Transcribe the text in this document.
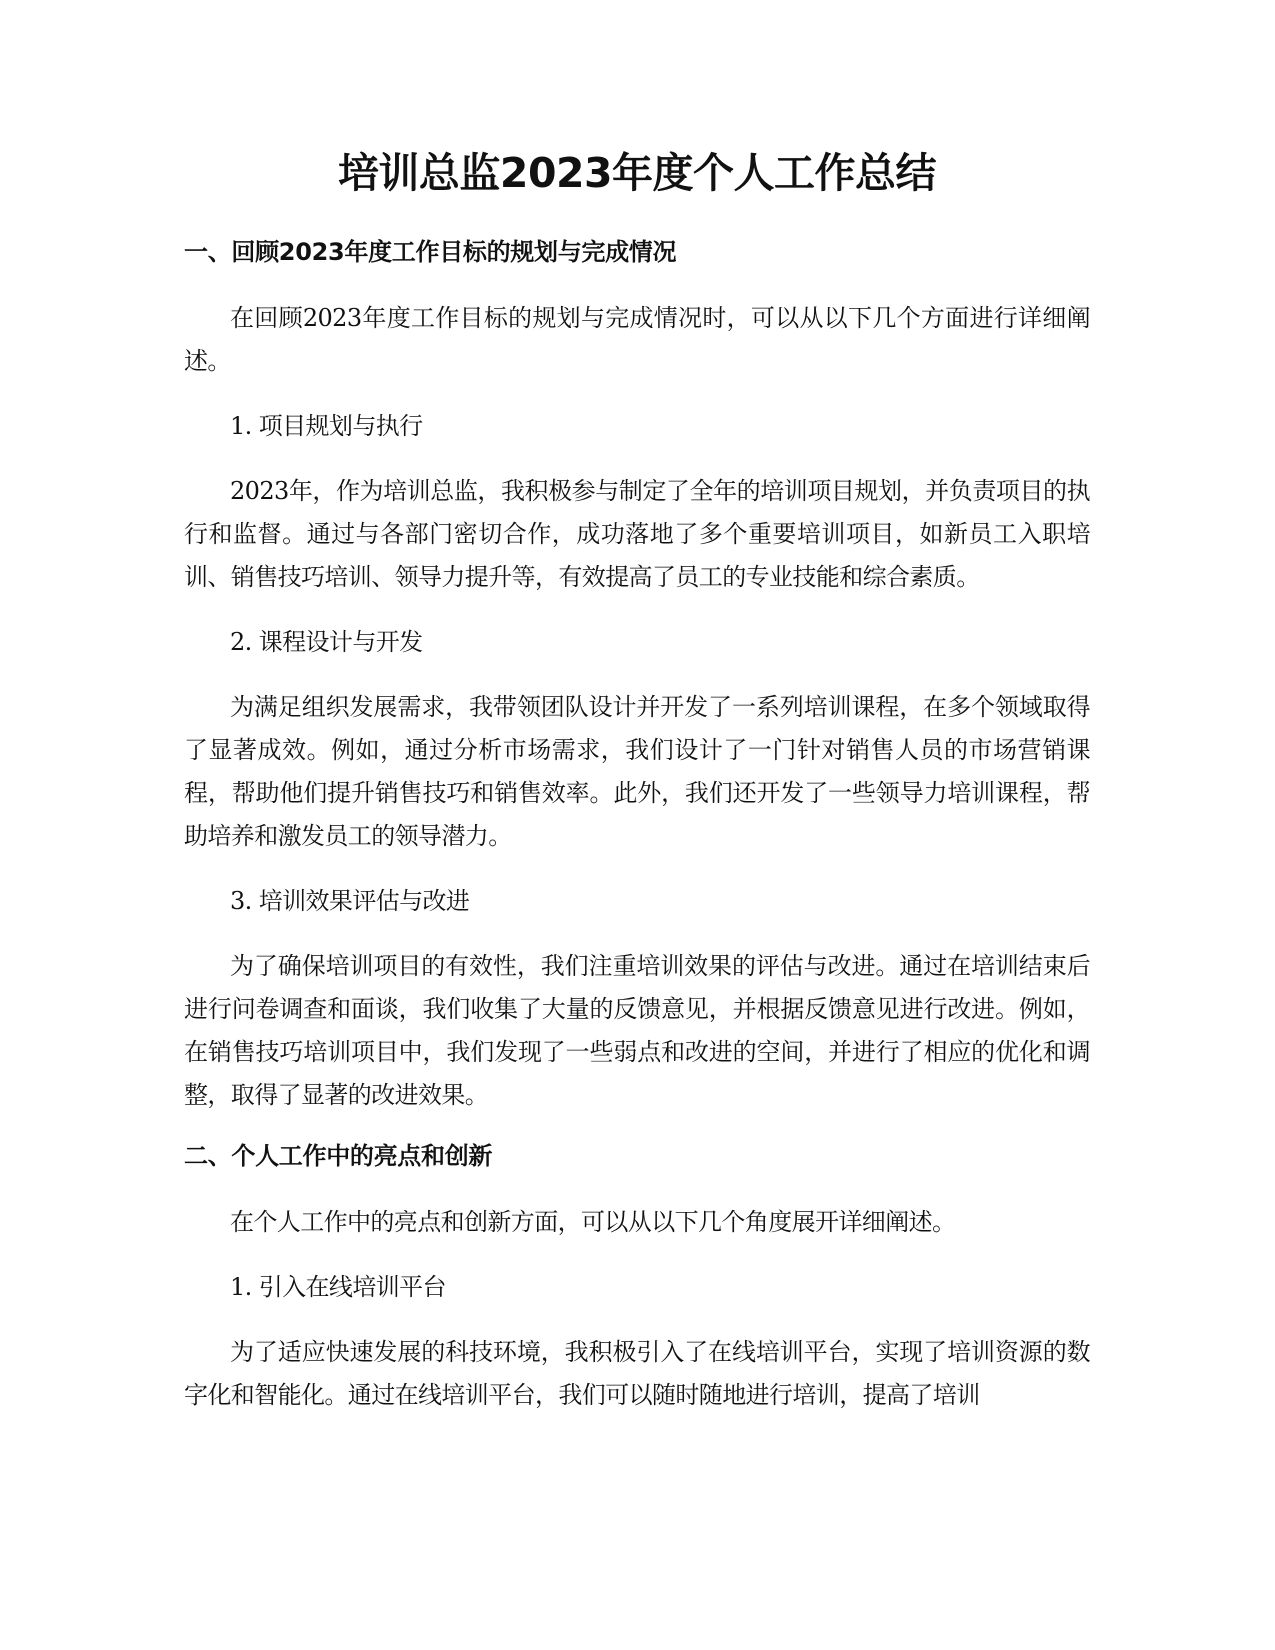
培训总监2023年度个人工作总结
一、回顾2023年度工作目标的规划与完成情况
在回顾2023年度工作目标的规划与完成情况时，可以从以下几个方面进行详细阐述。
1. 项目规划与执行
2023年，作为培训总监，我积极参与制定了全年的培训项目规划，并负责项目的执行和监督。通过与各部门密切合作，成功落地了多个重要培训项目，如新员工入职培训、销售技巧培训、领导力提升等，有效提高了员工的专业技能和综合素质。
2. 课程设计与开发
为满足组织发展需求，我带领团队设计并开发了一系列培训课程，在多个领域取得了显著成效。例如，通过分析市场需求，我们设计了一门针对销售人员的市场营销课程，帮助他们提升销售技巧和销售效率。此外，我们还开发了一些领导力培训课程，帮助培养和激发员工的领导潜力。
3. 培训效果评估与改进
为了确保培训项目的有效性，我们注重培训效果的评估与改进。通过在培训结束后进行问卷调查和面谈，我们收集了大量的反馈意见，并根据反馈意见进行改进。例如，在销售技巧培训项目中，我们发现了一些弱点和改进的空间，并进行了相应的优化和调整，取得了显著的改进效果。
二、个人工作中的亮点和创新
在个人工作中的亮点和创新方面，可以从以下几个角度展开详细阐述。
1. 引入在线培训平台
为了适应快速发展的科技环境，我积极引入了在线培训平台，实现了培训资源的数字化和智能化。通过在线培训平台，我们可以随时随地进行培训，提高了培训
